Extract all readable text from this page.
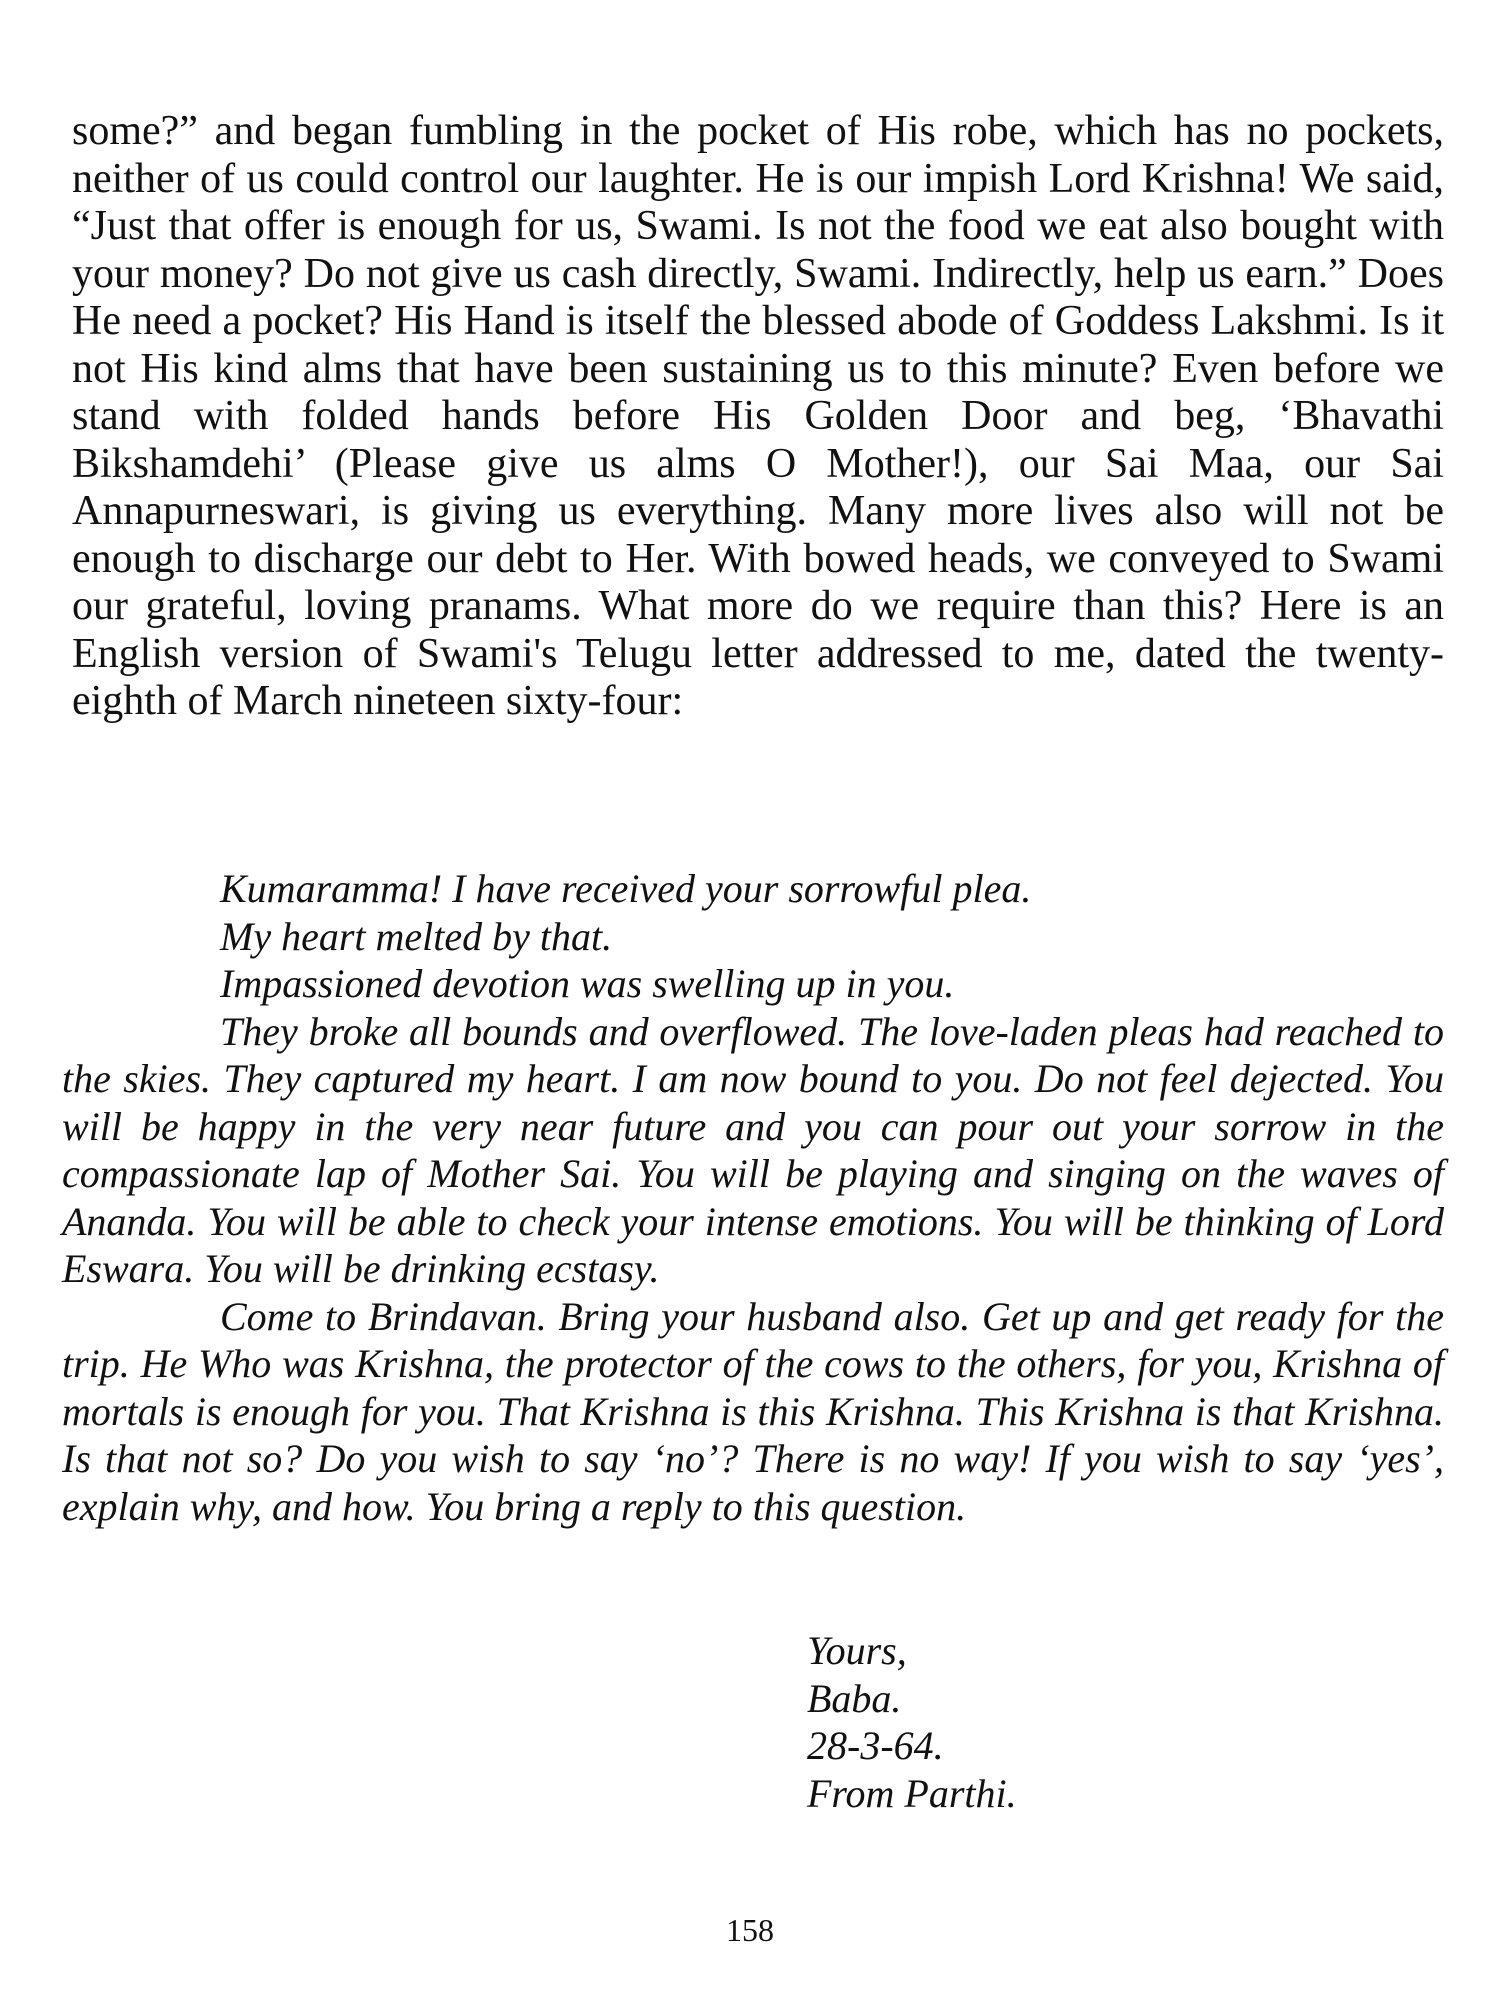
some?” and began fumbling in the pocket of His robe, which has no pockets, neither of us could control our laughter. He is our impish Lord Krishna! We said, “Just that offer is enough for us, Swami. Is not the food we eat also bought with your money? Do not give us cash directly, Swami. Indirectly, help us earn.” Does He need a pocket? His Hand is itself the blessed abode of Goddess Lakshmi. Is it not His kind alms that have been sustaining us to this minute? Even before we stand with folded hands before His Golden Door and beg, ‘Bhavathi Bikshamdehi’ (Please give us alms O Mother!), our Sai Maa, our Sai Annapurneswari, is giving us everything. Many more lives also will not be enough to discharge our debt to Her. With bowed heads, we conveyed to Swami our grateful, loving pranams. What more do we require than this? Here is an English version of Swami's Telugu letter addressed to me, dated the twenty-eighth of March nineteen sixty-four:

Kumaramma! I have received your sorrowful plea.

My heart melted by that.

Impassioned devotion was swelling up in you.

They broke all bounds and overflowed. The love-laden pleas had reached to the skies. They captured my heart. I am now bound to you. Do not feel dejected. You will be happy in the very near future and you can pour out your sorrow in the compassionate lap of Mother Sai. You will be playing and singing on the waves of Ananda. You will be able to check your intense emotions. You will be thinking of Lord Eswara. You will be drinking ecstasy.

Come to Brindavan. Bring your husband also. Get up and get ready for the trip. He Who was Krishna, the protector of the cows to the others, for you, Krishna of mortals is enough for you. That Krishna is this Krishna. This Krishna is that Krishna. Is that not so? Do you wish to say ‘no’? There is no way! If you wish to say ‘yes’, explain why, and how. You bring a reply to this question.

Yours,
Baba.
28-3-64.
From Parthi.
158
